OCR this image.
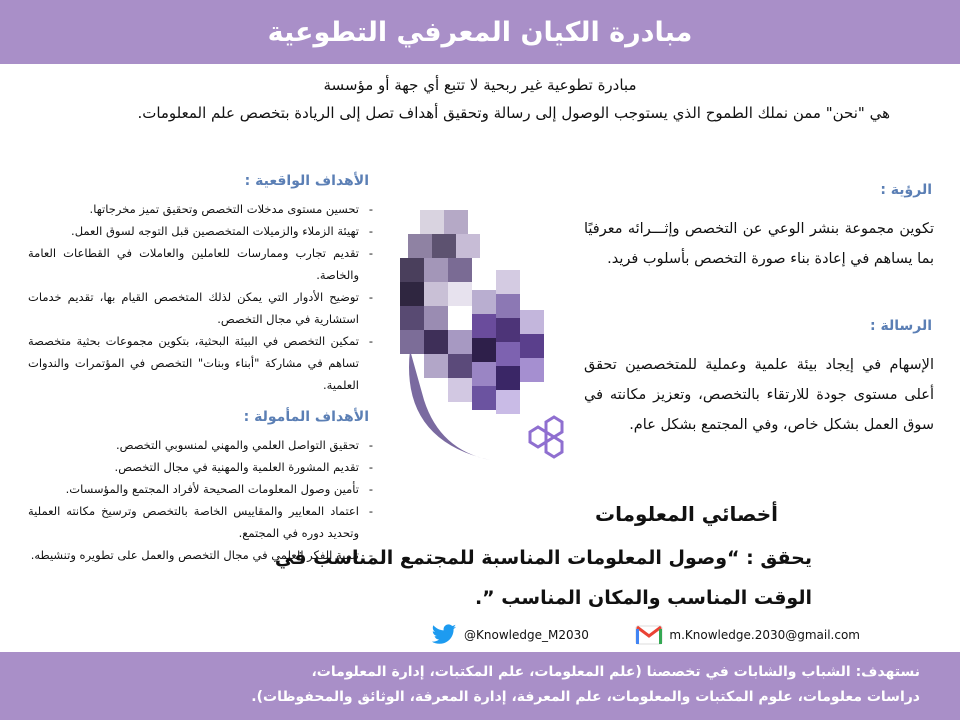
مبادرة الكيان المعرفي التطوعية
مبادرة تطوعية غير ربحية لا تتبع أي جهة أو مؤسسة
هي "نحن" ممن نملك الطموح الذي يستوجب الوصول إلى رسالة وتحقيق أهداف تصل إلى الريادة بتخصص علم المعلومات.
الأهداف الواقعية :
- تحسين مستوى مدخلات التخصص وتحقيق تميز مخرجاتها.
- تهيئة الزملاء والزميلات المتخصصين قبل التوجه لسوق العمل.
- تقديم تجارب وممارسات للعاملين والعاملات في القطاعات العامة والخاصة.
- توضيح الأدوار التي يمكن لذلك المتخصص القيام بها، تقديم خدمات استشارية في مجال التخصص.
- تمكين التخصص في البيئة البحثية، بتكوين مجموعات بحثية متخصصة تساهم في مشاركة "أبناء وبنات" التخصص في المؤتمرات والندوات العلمية.
الأهداف المأمولة :
- تحقيق التواصل العلمي والمهني لمنسوبي التخصص.
- تقديم المشورة العلمية والمهنية في مجال التخصص.
- تأمين وصول المعلومات الصحيحة لأفراد المجتمع والمؤسسات.
- اعتماد المعايير والمقاييس الخاصة بالتخصص وترسيخ مكانته العملية وتحديد دوره في المجتمع.
- تنمية الفكر العلمي في مجال التخصص والعمل على تطويره وتنشيطه.
الرؤية :
تكوين مجموعة بنشر الوعي عن التخصص وإثـــرائه معرفيًا بما يساهم في إعادة بناء صورة التخصص بأسلوب فريد.
الرسالة :
الإسهام في إيجاد بيئة علمية وعملية للمتخصصين تحقق أعلى مستوى جودة للارتقاء بالتخصص، وتعزيز مكانته في سوق العمل بشكل خاص، وفي المجتمع بشكل عام.
أخصائي المعلومات
يحقق : “وصول المعلومات المناسبة للمجتمع المناسب في الوقت المناسب والمكان المناسب ”.
@Knowledge_M2030	m.Knowledge.2030@gmail.com
نستهدف: الشباب والشابات في تخصصنا (علم المعلومات، علم المكتبات، إدارة المعلومات،
دراسات معلومات، علوم المكتبات والمعلومات، علم المعرفة، إدارة المعرفة، الوثائق والمحفوظات).
